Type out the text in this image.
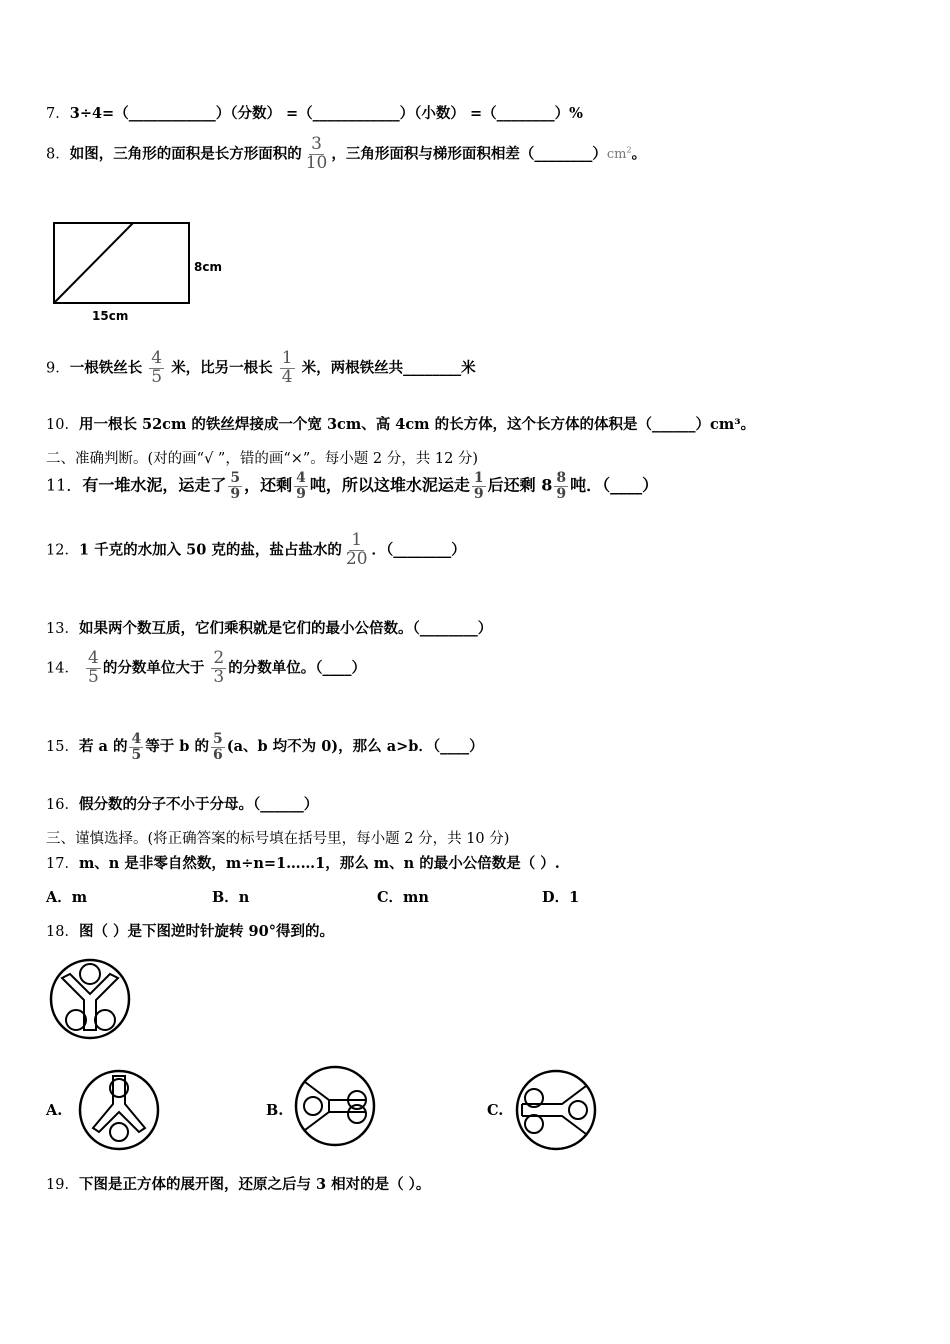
7．3÷4=（____________）（分数） =（____________）（小数） =（________）%
8．如图，三角形的面积是长方形面积的 $\frac{3}{10}$ ，三角形面积与梯形面积相差$(\_\_\_\_\_\_\_\_)cm^2$。
8cm
15cm
9．一根铁丝长 $\frac{4}{5}$ 米，比另一根长 $\frac{1}{4}$ 米，两根铁丝共________米
10．用一根长 52cm 的铁丝焊接成一个宽 3cm、高 4cm 的长方体，这个长方体的体积是（______）cm³。
二、准确判断。(对的画“√ ”，错的画“×”。每小题 2 分，共 12 分)
11．有一堆水泥，运走了 $\frac{5}{9}$ ，还剩 $\frac{4}{9}$ 吨，所以这堆水泥运走 $\frac{1}{9}$ 后还剩 $8 \frac{8}{9}$ 吨．（____）
12．1 千克的水加入 50 克的盐，盐占盐水的 $\frac{1}{20}$ ．（________）
13．如果两个数互质，它们乘积就是它们的最小公倍数。（________）
14． $\frac{4}{5}$ 的分数单位大于 $\frac{2}{3}$ 的分数单位。（____）
15．若 a 的 $\frac{4}{5}$ 等于 b 的 $\frac{5}{6} (a$、b 均不为 0)，那么 a>b．（____）
16．假分数的分子不小于分母。（______）
三、谨慎选择。(将正确答案的标号填在括号里，每小题 2 分，共 10 分)
17．m、n 是非零自然数，m÷n=1……1，那么 m、n 的最小公倍数是（ ）.
A．m	B．n	C．mn	D．1
18．图（ ）是下图逆时针旋转 90°得到的。
A.	B.	C.
19．下图是正方体的展开图，还原之后与 3 相对的是（ ）。
